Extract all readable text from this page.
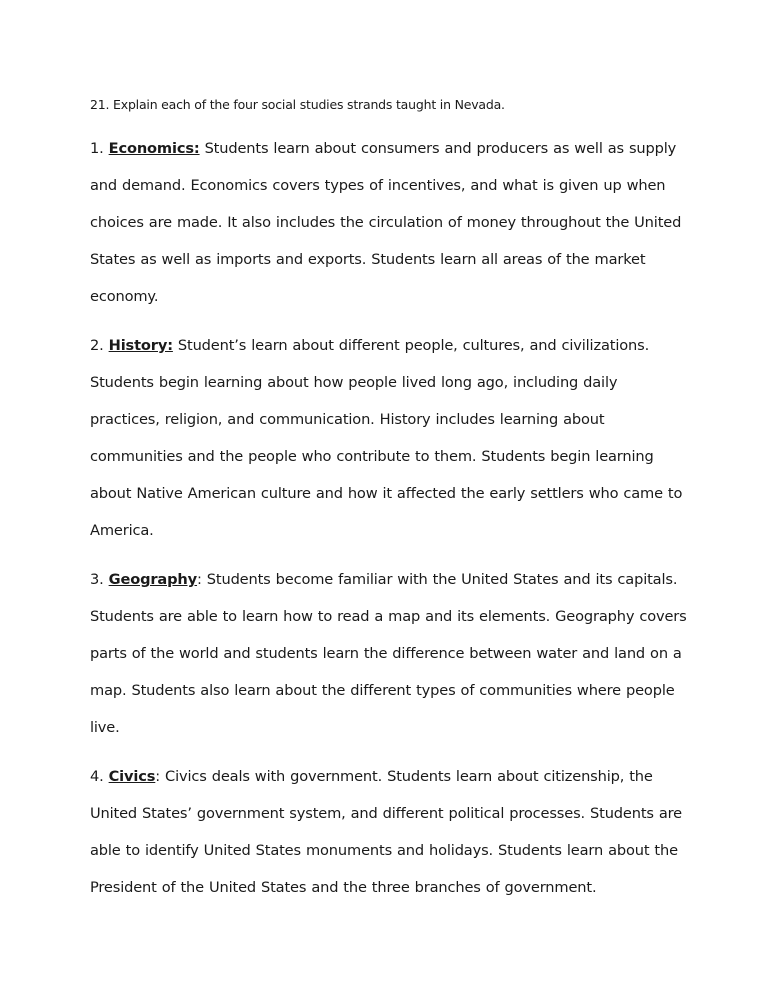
21. Explain each of the four social studies strands taught in Nevada.

1. Economics: Students learn about consumers and producers as well as supply and demand. Economics covers types of incentives, and what is given up when choices are made. It also includes the circulation of money throughout the United States as well as imports and exports. Students learn all areas of the market economy.

2. History: Student’s learn about different people, cultures, and civilizations. Students begin learning about how people lived long ago, including daily practices, religion, and communication. History includes learning about communities and the people who contribute to them. Students begin learning about Native American culture and how it affected the early settlers who came to America.

3. Geography: Students become familiar with the United States and its capitals. Students are able to learn how to read a map and its elements. Geography covers parts of the world and students learn the difference between water and land on a map. Students also learn about the different types of communities where people live.

4. Civics: Civics deals with government. Students learn about citizenship, the United States’ government system, and different political processes. Students are able to identify United States monuments and holidays. Students learn about the President of the United States and the three branches of government.
